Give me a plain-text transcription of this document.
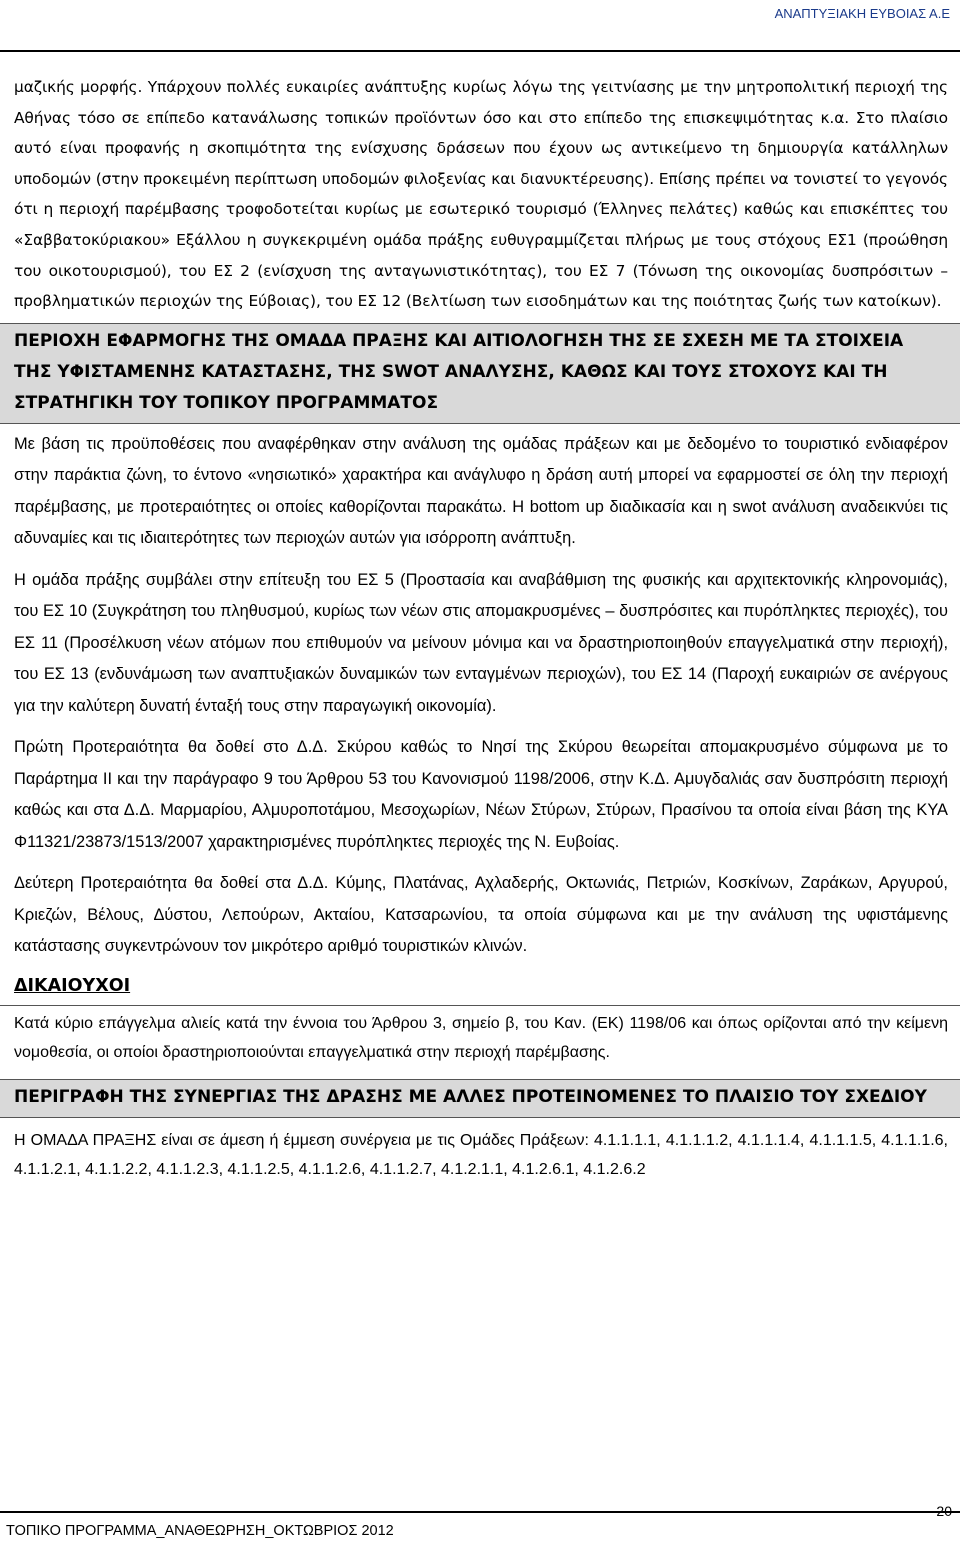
ΑΝΑΠΤΥΞΙΑΚΗ ΕΥΒΟΙΑΣ Α.Ε

μαζικής μορφής. Υπάρχουν πολλές ευκαιρίες ανάπτυξης κυρίως λόγω της γειτνίασης με την μητροπολιτική περιοχή της Αθήνας τόσο σε επίπεδο κατανάλωσης τοπικών προϊόντων όσο και στο επίπεδο της επισκεψιμότητας κ.α. Στο πλαίσιο αυτό είναι προφανής η σκοπιμότητα της ενίσχυσης δράσεων που έχουν ως αντικείμενο τη δημιουργία κατάλληλων υποδομών (στην προκειμένη περίπτωση υποδομών φιλοξενίας και διανυκτέρευσης). Επίσης πρέπει να τονιστεί το γεγονός ότι η περιοχή παρέμβασης τροφοδοτείται κυρίως με εσωτερικό τουρισμό (Έλληνες πελάτες) καθώς και επισκέπτες του «Σαββατοκύριακου» Εξάλλου η συγκεκριμένη ομάδα πράξης ευθυγραμμίζεται πλήρως με τους στόχους ΕΣ1 (προώθηση του οικοτουρισμού), του ΕΣ 2 (ενίσχυση της ανταγωνιστικότητας), του ΕΣ 7 (Τόνωση της οικονομίας δυσπρόσιτων – προβληματικών περιοχών της Εύβοιας), του ΕΣ 12 (Βελτίωση των εισοδημάτων και της ποιότητας ζωής των κατοίκων).

ΠΕΡΙΟΧΗ ΕΦΑΡΜΟΓΗΣ ΤΗΣ ΟΜΑΔΑ ΠΡΑΞΗΣ ΚΑΙ ΑΙΤΙΟΛΟΓΗΣΗ ΤΗΣ ΣΕ ΣΧΕΣΗ ΜΕ ΤΑ ΣΤΟΙΧΕΙΑ ΤΗΣ ΥΦΙΣΤΑΜΕΝΗΣ ΚΑΤΑΣΤΑΣΗΣ, ΤΗΣ SWOT ΑΝΑΛΥΣΗΣ, ΚΑΘΩΣ ΚΑΙ ΤΟΥΣ ΣΤΟΧΟΥΣ ΚΑΙ ΤΗ ΣΤΡΑΤΗΓΙΚΗ ΤΟΥ ΤΟΠΙΚΟΥ ΠΡΟΓΡΑΜΜΑΤΟΣ

Με βάση τις προϋποθέσεις που αναφέρθηκαν στην ανάλυση της ομάδας πράξεων και με δεδομένο το τουριστικό ενδιαφέρον στην παράκτια ζώνη, το έντονο «νησιωτικό» χαρακτήρα και ανάγλυφο η δράση αυτή μπορεί να εφαρμοστεί σε όλη την περιοχή παρέμβασης, με προτεραιότητες οι οποίες καθορίζονται παρακάτω. Η bottom up διαδικασία και η swot ανάλυση αναδεικνύει τις αδυναμίες και τις ιδιαιτερότητες των περιοχών αυτών για ισόρροπη ανάπτυξη.

Η ομάδα πράξης συμβάλει στην επίτευξη του ΕΣ 5 (Προστασία και αναβάθμιση της φυσικής και αρχιτεκτονικής κληρονομιάς), του ΕΣ 10 (Συγκράτηση του πληθυσμού, κυρίως των νέων στις απομακρυσμένες – δυσπρόσιτες και πυρόπληκτες περιοχές), του ΕΣ 11 (Προσέλκυση νέων ατόμων που επιθυμούν να μείνουν μόνιμα και να δραστηριοποιηθούν επαγγελματικά στην περιοχή), του ΕΣ 13 (ενδυνάμωση των αναπτυξιακών δυναμικών των ενταγμένων περιοχών), του ΕΣ 14 (Παροχή ευκαιριών σε ανέργους για την καλύτερη δυνατή ένταξή τους στην παραγωγική οικονομία).

Πρώτη Προτεραιότητα θα δοθεί στο Δ.Δ. Σκύρου καθώς το Νησί της Σκύρου θεωρείται απομακρυσμένο σύμφωνα με το Παράρτημα ΙΙ και την παράγραφο 9 του Άρθρου 53 του Κανονισμού 1198/2006, στην Κ.Δ. Αμυγδαλιάς σαν δυσπρόσιτη περιοχή καθώς και στα Δ.Δ. Μαρμαρίου, Αλμυροποτάμου, Μεσοχωρίων, Νέων Στύρων, Στύρων, Πρασίνου τα οποία είναι βάση της ΚΥΑ Φ11321/23873/1513/2007 χαρακτηρισμένες πυρόπληκτες περιοχές της Ν. Ευβοίας.

Δεύτερη Προτεραιότητα θα δοθεί στα Δ.Δ. Κύμης, Πλατάνας, Αχλαδερής, Οκτωνιάς, Πετριών, Κοσκίνων, Ζαράκων, Αργυρού, Κριεζών, Βέλους, Δύστου, Λεπούρων, Ακταίου, Κατσαρωνίου, τα οποία σύμφωνα και με την ανάλυση της υφιστάμενης κατάστασης συγκεντρώνουν τον μικρότερο αριθμό τουριστικών κλινών.

ΔΙΚΑΙΟΥΧΟΙ

Κατά κύριο επάγγελμα αλιείς κατά την έννοια του Άρθρου 3, σημείο β, του Καν. (ΕΚ) 1198/06 και όπως ορίζονται από την κείμενη νομοθεσία, οι οποίοι δραστηριοποιούνται επαγγελματικά στην περιοχή παρέμβασης.

ΠΕΡΙΓΡΑΦΗ ΤΗΣ ΣΥΝΕΡΓΙΑΣ ΤΗΣ ΔΡΑΣΗΣ ΜΕ ΑΛΛΕΣ ΠΡΟΤΕΙΝΟΜΕΝΕΣ ΤΟ ΠΛΑΙΣΙΟ ΤΟΥ ΣΧΕΔΙΟΥ

Η ΟΜΑΔΑ ΠΡΑΞΗΣ είναι σε άμεση ή έμμεση συνέργεια με τις Ομάδες Πράξεων: 4.1.1.1.1, 4.1.1.1.2, 4.1.1.1.4, 4.1.1.1.5, 4.1.1.1.6, 4.1.1.2.1, 4.1.1.2.2, 4.1.1.2.3, 4.1.1.2.5, 4.1.1.2.6, 4.1.1.2.7, 4.1.2.1.1, 4.1.2.6.1, 4.1.2.6.2

ΤΟΠΙΚΟ ΠΡΟΓΡΑΜΜΑ_ΑΝΑΘΕΩΡΗΣΗ_ΟΚΤΩΒΡΙΟΣ 2012
20
